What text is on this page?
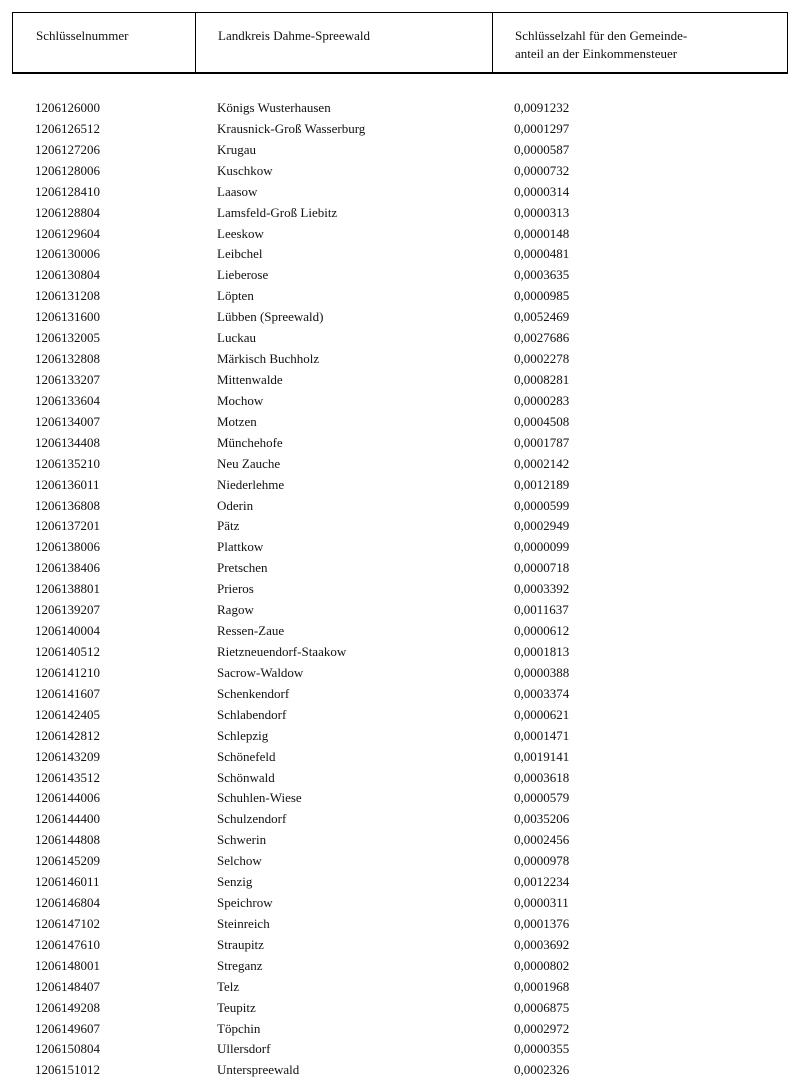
Schlüsselnummer	Landkreis Dahme-Spreewald	Schlüsselzahl für den Gemeinde-
anteil an der Einkommensteuer
1206126000	Königs Wusterhausen	0,0091232
1206126512	Krausnick-Groß Wasserburg	0,0001297
1206127206	Krugau	0,0000587
1206128006	Kuschkow	0,0000732
1206128410	Laasow	0,0000314
1206128804	Lamsfeld-Groß Liebitz	0,0000313
1206129604	Leeskow	0,0000148
1206130006	Leibchel	0,0000481
1206130804	Lieberose	0,0003635
1206131208	Löpten	0,0000985
1206131600	Lübben (Spreewald)	0,0052469
1206132005	Luckau	0,0027686
1206132808	Märkisch Buchholz	0,0002278
1206133207	Mittenwalde	0,0008281
1206133604	Mochow	0,0000283
1206134007	Motzen	0,0004508
1206134408	Münchehofe	0,0001787
1206135210	Neu Zauche	0,0002142
1206136011	Niederlehme	0,0012189
1206136808	Oderin	0,0000599
1206137201	Pätz	0,0002949
1206138006	Plattkow	0,0000099
1206138406	Pretschen	0,0000718
1206138801	Prieros	0,0003392
1206139207	Ragow	0,0011637
1206140004	Ressen-Zaue	0,0000612
1206140512	Rietzneuendorf-Staakow	0,0001813
1206141210	Sacrow-Waldow	0,0000388
1206141607	Schenkendorf	0,0003374
1206142405	Schlabendorf	0,0000621
1206142812	Schlepzig	0,0001471
1206143209	Schönefeld	0,0019141
1206143512	Schönwald	0,0003618
1206144006	Schuhlen-Wiese	0,0000579
1206144400	Schulzendorf	0,0035206
1206144808	Schwerin	0,0002456
1206145209	Selchow	0,0000978
1206146011	Senzig	0,0012234
1206146804	Speichrow	0,0000311
1206147102	Steinreich	0,0001376
1206147610	Straupitz	0,0003692
1206148001	Streganz	0,0000802
1206148407	Telz	0,0001968
1206149208	Teupitz	0,0006875
1206149607	Töpchin	0,0002972
1206150804	Ullersdorf	0,0000355
1206151012	Unterspreewald	0,0002326
